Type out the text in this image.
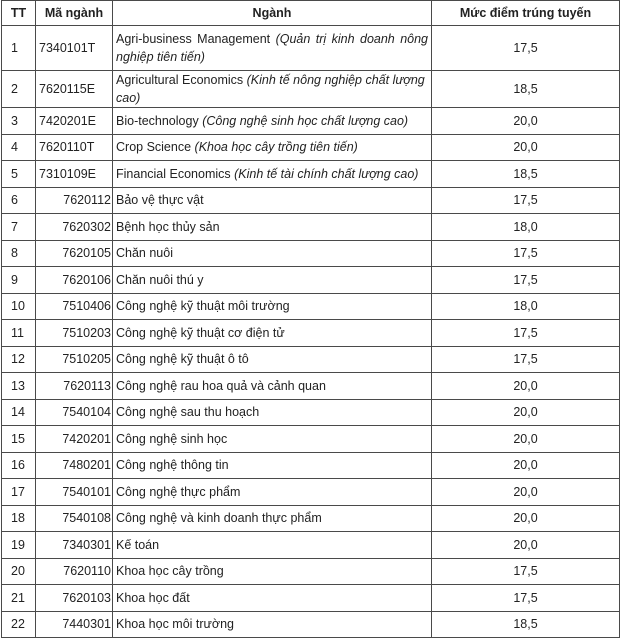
TT	Mã ngành	Ngành	Mức điểm trúng tuyến
1	7340101T	Agri-business Management (Quản trị kinh doanh nông nghiệp tiên tiến)	17,5
2	7620115E	Agricultural Economics (Kinh tế nông nghiệp chất lượng cao)	18,5
3	7420201E	Bio-technology (Công nghệ sinh học chất lượng cao)	20,0
4	7620110T	Crop Science (Khoa học cây trồng tiên tiến)	20,0
5	7310109E	Financial Economics (Kinh tế tài chính chất lượng cao)	18,5
6	7620112	Bảo vệ thực vật	17,5
7	7620302	Bệnh học thủy sản	18,0
8	7620105	Chăn nuôi	17,5
9	7620106	Chăn nuôi thú y	17,5
10	7510406	Công nghệ kỹ thuật môi trường	18,0
11	7510203	Công nghệ kỹ thuật cơ điện tử	17,5
12	7510205	Công nghệ kỹ thuật ô tô	17,5
13	7620113	Công nghệ rau hoa quả và cảnh quan	20,0
14	7540104	Công nghệ sau thu hoạch	20,0
15	7420201	Công nghệ sinh học	20,0
16	7480201	Công nghệ thông tin	20,0
17	7540101	Công nghệ thực phẩm	20,0
18	7540108	Công nghệ và kinh doanh thực phẩm	20,0
19	7340301	Kế toán	20,0
20	7620110	Khoa học cây trồng	17,5
21	7620103	Khoa học đất	17,5
22	7440301	Khoa học môi trường	18,5
